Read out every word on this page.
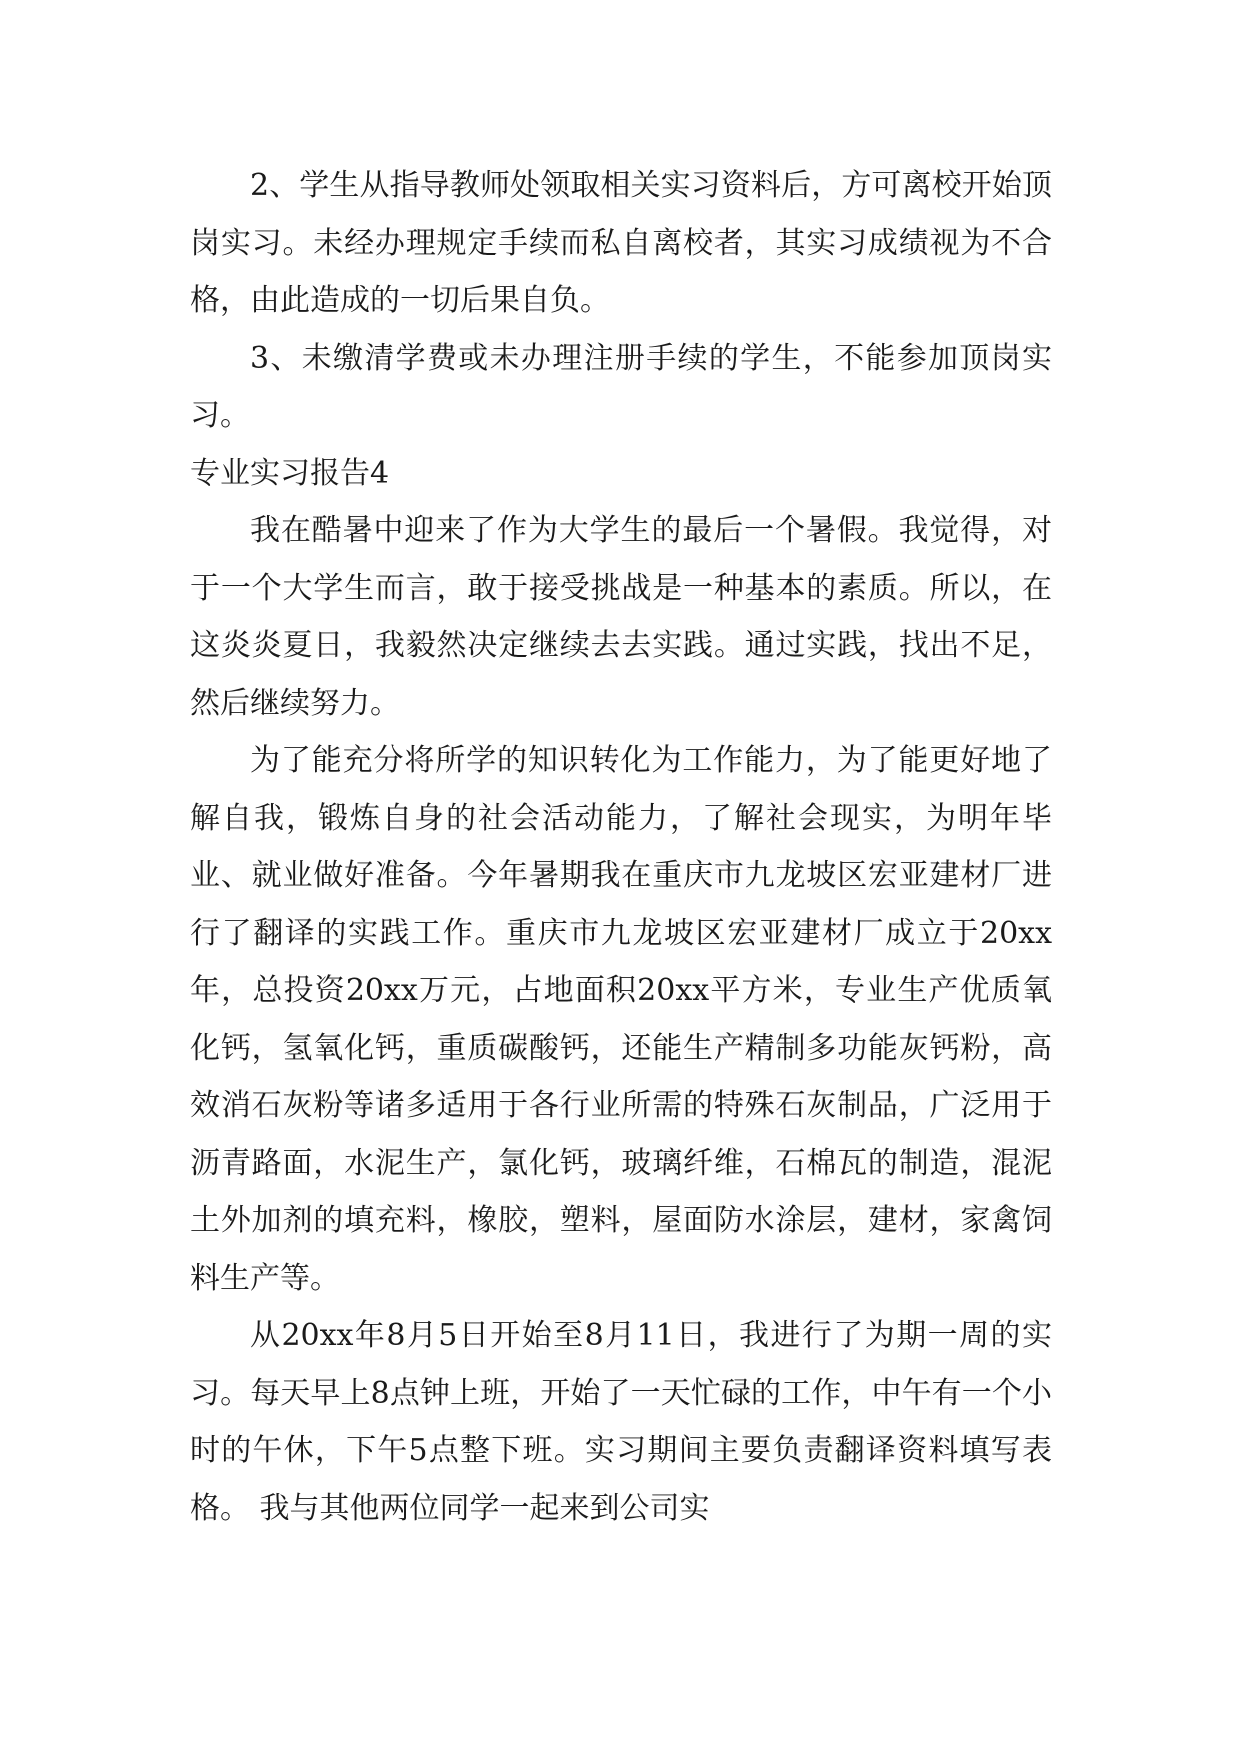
2、学生从指导教师处领取相关实习资料后，方可离校开始顶岗实习。未经办理规定手续而私自离校者，其实习成绩视为不合格，由此造成的一切后果自负。

3、未缴清学费或未办理注册手续的学生，不能参加顶岗实习。

专业实习报告4

我在酷暑中迎来了作为大学生的最后一个暑假。我觉得，对于一个大学生而言，敢于接受挑战是一种基本的素质。所以，在这炎炎夏日，我毅然决定继续去去实践。通过实践，找出不足，然后继续努力。

为了能充分将所学的知识转化为工作能力，为了能更好地了解自我，锻炼自身的社会活动能力，了解社会现实，为明年毕业、就业做好准备。今年暑期我在重庆市九龙坡区宏亚建材厂进行了翻译的实践工作。重庆市九龙坡区宏亚建材厂成立于20xx年，总投资20xx万元，占地面积20xx平方米，专业生产优质氧化钙，氢氧化钙，重质碳酸钙，还能生产精制多功能灰钙粉，高效消石灰粉等诸多适用于各行业所需的特殊石灰制品，广泛用于沥青路面，水泥生产，氯化钙，玻璃纤维，石棉瓦的制造，混泥土外加剂的填充料，橡胶，塑料，屋面防水涂层，建材，家禽饲料生产等。

从20xx年8月5日开始至8月11日，我进行了为期一周的实习。每天早上8点钟上班，开始了一天忙碌的工作，中午有一个小时的午休，下午5点整下班。实习期间主要负责翻译资料填写表格。 我与其他两位同学一起来到公司实
